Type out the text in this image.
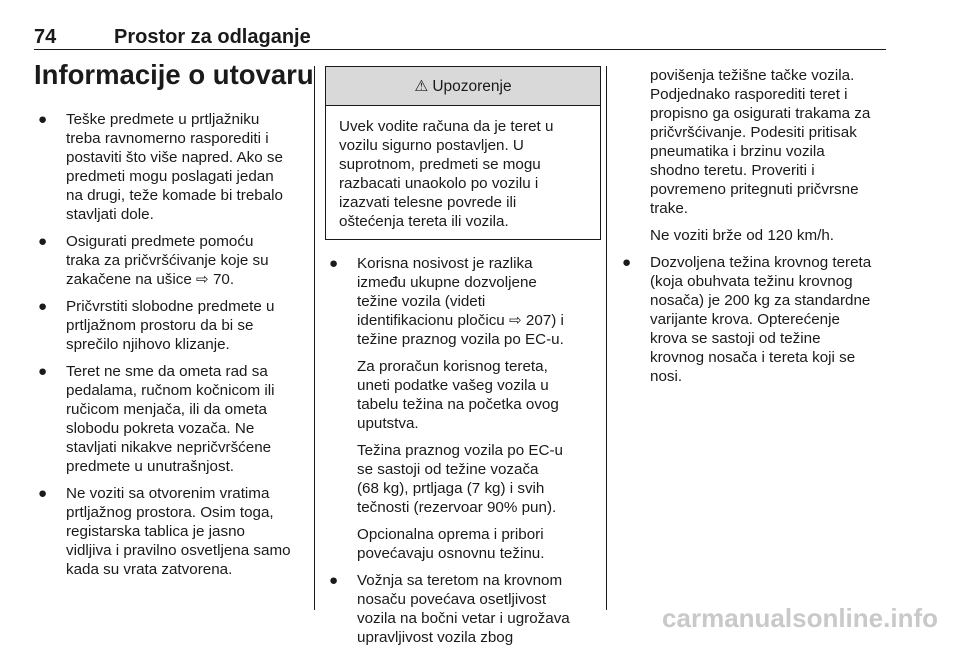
74	Prostor za odlaganje
Informacije o utovaru
● Teške predmete u prtljažniku
treba ravnomerno rasporediti i
postaviti što više napred. Ako se
predmeti mogu poslagati jedan
na drugi, teže komade bi trebalo
stavljati dole.
● Osigurati predmete pomoću
traka za pričvršćivanje koje su
zakačene na ušice ⇨ 70.
● Pričvrstiti slobodne predmete u
prtljažnom prostoru da bi se
sprečilo njihovo klizanje.
● Teret ne sme da ometa rad sa
pedalama, ručnom kočnicom ili
ručicom menjača, ili da ometa
slobodu pokreta vozača. Ne
stavljati nikakve nepričvršćene
predmete u unutrašnjost.
● Ne voziti sa otvorenim vratima
prtljažnog prostora. Osim toga,
registarska tablica je jasno
vidljiva i pravilno osvetljena samo
kada su vrata zatvorena.
⚠ Upozorenje
Uvek vodite računa da je teret u
vozilu sigurno postavljen. U
suprotnom, predmeti se mogu
razbacati unaokolo po vozilu i
izazvati telesne povrede ili
oštećenja tereta ili vozila.
● Korisna nosivost je razlika
između ukupne dozvoljene
težine vozila (videti
identifikacionu pločicu ⇨ 207) i
težine praznog vozila po EC-u.
Za proračun korisnog tereta,
uneti podatke vašeg vozila u
tabelu težina na početka ovog
uputstva.
Težina praznog vozila po EC-u
se sastoji od težine vozača
(68 kg), prtljaga (7 kg) i svih
tečnosti (rezervoar 90% pun).
Opcionalna oprema i pribori
povećavaju osnovnu težinu.
● Vožnja sa teretom na krovnom
nosaču povećava osetljivost
vozila na bočni vetar i ugrožava
upravljivost vozila zbog
povišenja težišne tačke vozila.
Podjednako rasporediti teret i
propisno ga osigurati trakama za
pričvršćivanje. Podesiti pritisak
pneumatika i brzinu vozila
shodno teretu. Proveriti i
povremeno pritegnuti pričvrsne
trake.
Ne voziti brže od 120 km/h.
● Dozvoljena težina krovnog tereta
(koja obuhvata težinu krovnog
nosača) je 200 kg za standardne
varijante krova. Opterećenje
krova se sastoji od težine
krovnog nosača i tereta koji se
nosi.
carmanualsonline.info
